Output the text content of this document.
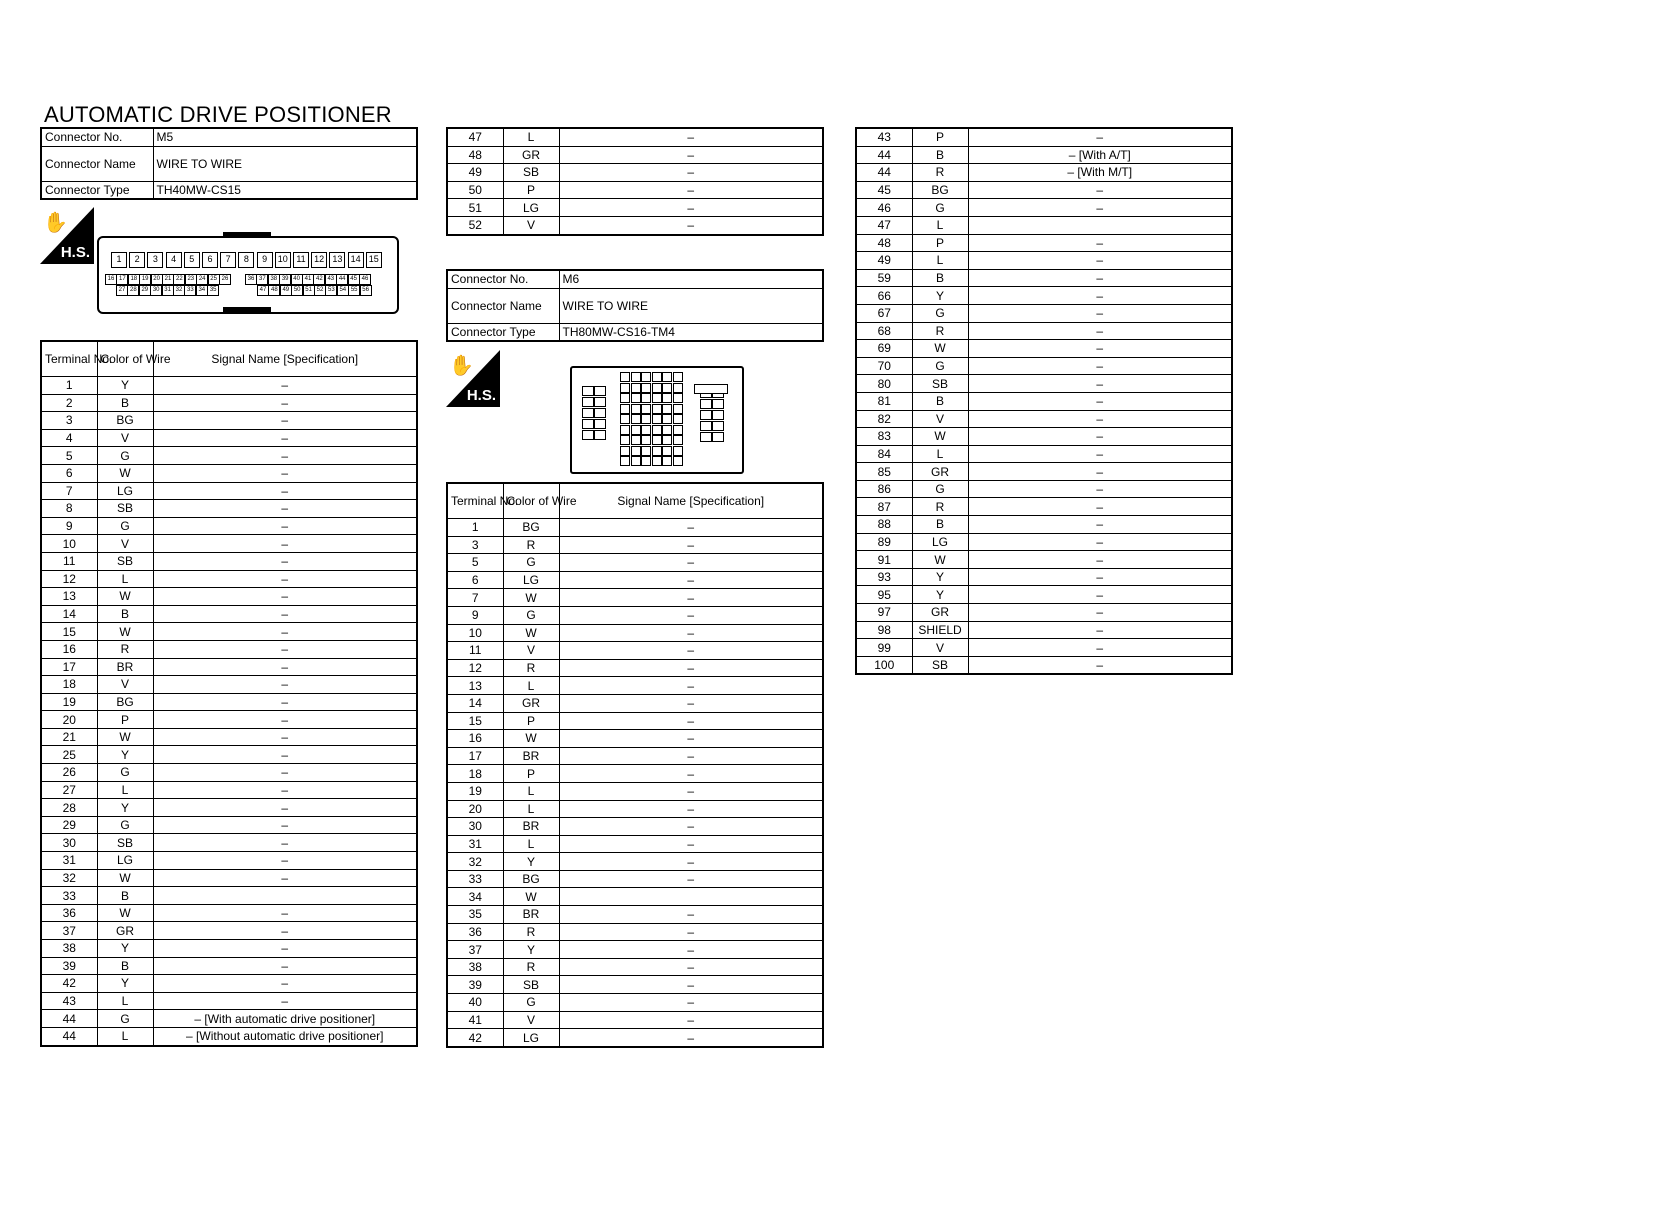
AUTOMATIC DRIVE POSITIONER
Connector No.	M5
Connector Name	WIRE TO WIRE
Connector Type	TH40MW-CS15
✋
H.S.	1	2	3	4	5	6	7	8	9	10 11 12 13 14 15
16 17 18 19 20 21 22 23 24 25 26	36 37 38 39 40 41 42 43 44 45 46
27 28 29 30 31 32 33 34 35	47 48 49 50 51 52 53 54 55 56
Terminal No.	Color of Wire	Signal Name [Specification]
1	Y	–
2	B	–
3	BG	–
4	V	–
5	G	–
6	W	–
7	LG	–
8	SB	–
9	G	–
10	V	–
11	SB	–
12	L	–
13	W	–
14	B	–
15	W	–
16	R	–
17	BR	–
18	V	–
19	BG	–
20	P	–
21	W	–
25	Y	–
26	G	–
27	L	–
28	Y	–
29	G	–
30	SB	–
31	LG	–
32	W	–
33	B	
36	W	–
37	GR	–
38	Y	–
39	B	–
42	Y	–
43	L	–
44	G	– [With automatic drive positioner]
44	L	– [Without automatic drive positioner]
47	L	–
48	GR	–
49	SB	–
50	P	–
51	LG	–
52	V	–
Connector No.	M6
Connector Name	WIRE TO WIRE
Connector Type	TH80MW-CS16-TM4
✋
H.S.
Terminal No.	Color of Wire	Signal Name [Specification]
1	BG	–
3	R	–
5	G	–
6	LG	–
7	W	–
9	G	–
10	W	–
11	V	–
12	R	–
13	L	–
14	GR	–
15	P	–
16	W	–
17	BR	–
18	P	–
19	L	–
20	L	–
30	BR	–
31	L	–
32	Y	–
33	BG	–
34	W	
35	BR	–
36	R	–
37	Y	–
38	R	–
39	SB	–
40	G	–
41	V	–
42	LG	–
43	P	–
44	B	– [With A/T]
44	R	– [With M/T]
45	BG	–
46	G	–
47	L	
48	P	–
49	L	–
59	B	–
66	Y	–
67	G	–
68	R	–
69	W	–
70	G	–
80	SB	–
81	B	–
82	V	–
83	W	–
84	L	–
85	GR	–
86	G	–
87	R	–
88	B	–
89	LG	–
91	W	–
93	Y	–
95	Y	–
97	GR	–
98	SHIELD	–
99	V	–
100	SB	–
